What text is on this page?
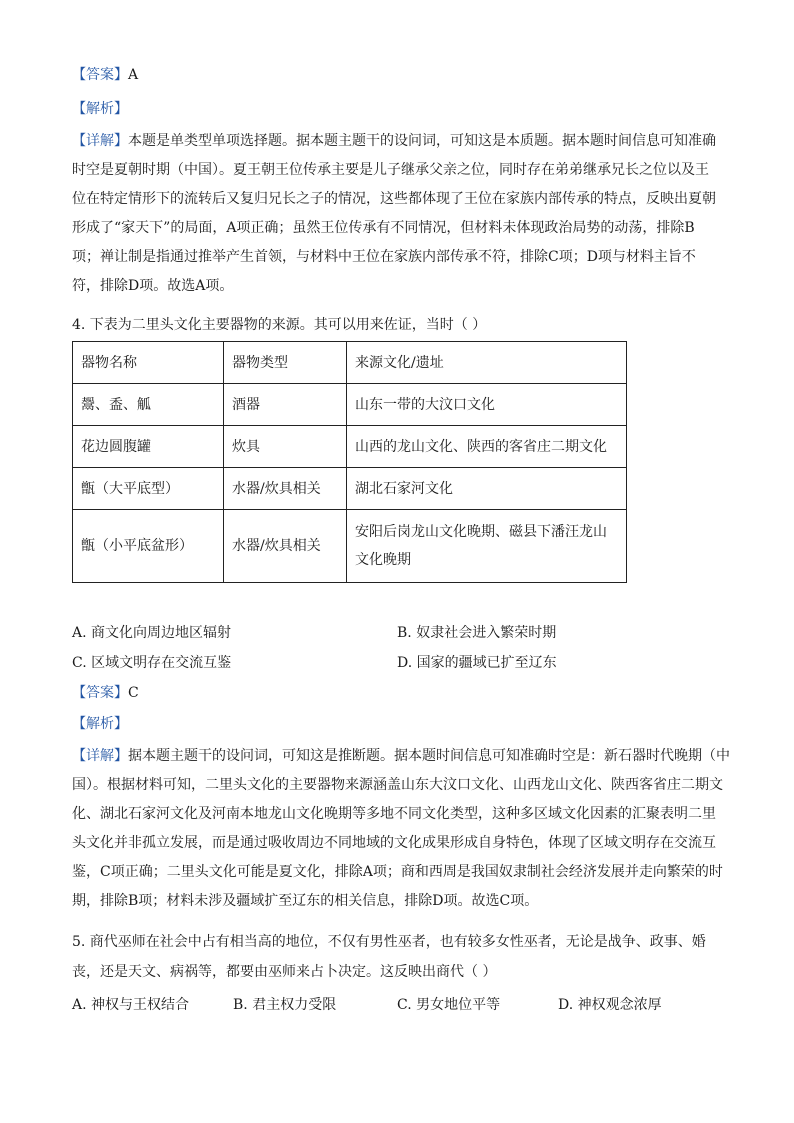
【答案】A
【解析】
【详解】本题是单类型单项选择题。据本题主题干的设问词，可知这是本质题。据本题时间信息可知准确
时空是夏朝时期（中国）。夏王朝王位传承主要是儿子继承父亲之位，同时存在弟弟继承兄长之位以及王
位在特定情形下的流转后又复归兄长之子的情况，这些都体现了王位在家族内部传承的特点，反映出夏朝
形成了“家天下”的局面，A项正确；虽然王位传承有不同情况，但材料未体现政治局势的动荡，排除B
项；禅让制是指通过推举产生首领，与材料中王位在家族内部传承不符，排除C项；D项与材料主旨不
符，排除D项。故选A项。
4. 下表为二里头文化主要器物的来源。其可以用来佐证，当时（ ）
器物名称	器物类型	来源文化/遗址
鬶、盉、觚	酒器	山东一带的大汶口文化
花边圆腹罐	炊具	山西的龙山文化、陕西的客省庄二期文化
甑（大平底型）	水器/炊具相关	湖北石家河文化
甑（小平底盆形）	水器/炊具相关	安阳后岗龙山文化晚期、磁县下潘汪龙山
文化晚期
A. 商文化向周边地区辐射	B. 奴隶社会进入繁荣时期
C. 区域文明存在交流互鉴	D. 国家的疆域已扩至辽东
【答案】C
【解析】
【详解】据本题主题干的设问词，可知这是推断题。据本题时间信息可知准确时空是：新石器时代晚期（中
国）。根据材料可知，二里头文化的主要器物来源涵盖山东大汶口文化、山西龙山文化、陕西客省庄二期文
化、湖北石家河文化及河南本地龙山文化晚期等多地不同文化类型，这种多区域文化因素的汇聚表明二里
头文化并非孤立发展，而是通过吸收周边不同地域的文化成果形成自身特色，体现了区域文明存在交流互
鉴，C项正确；二里头文化可能是夏文化，排除A项；商和西周是我国奴隶制社会经济发展并走向繁荣的时
期，排除B项；材料未涉及疆域扩至辽东的相关信息，排除D项。故选C项。
5. 商代巫师在社会中占有相当高的地位，不仅有男性巫者，也有较多女性巫者，无论是战争、政事、婚
丧，还是天文、病祸等，都要由巫师来占卜决定。这反映出商代（ ）
A. 神权与王权结合	B. 君主权力受限	C. 男女地位平等	D. 神权观念浓厚
